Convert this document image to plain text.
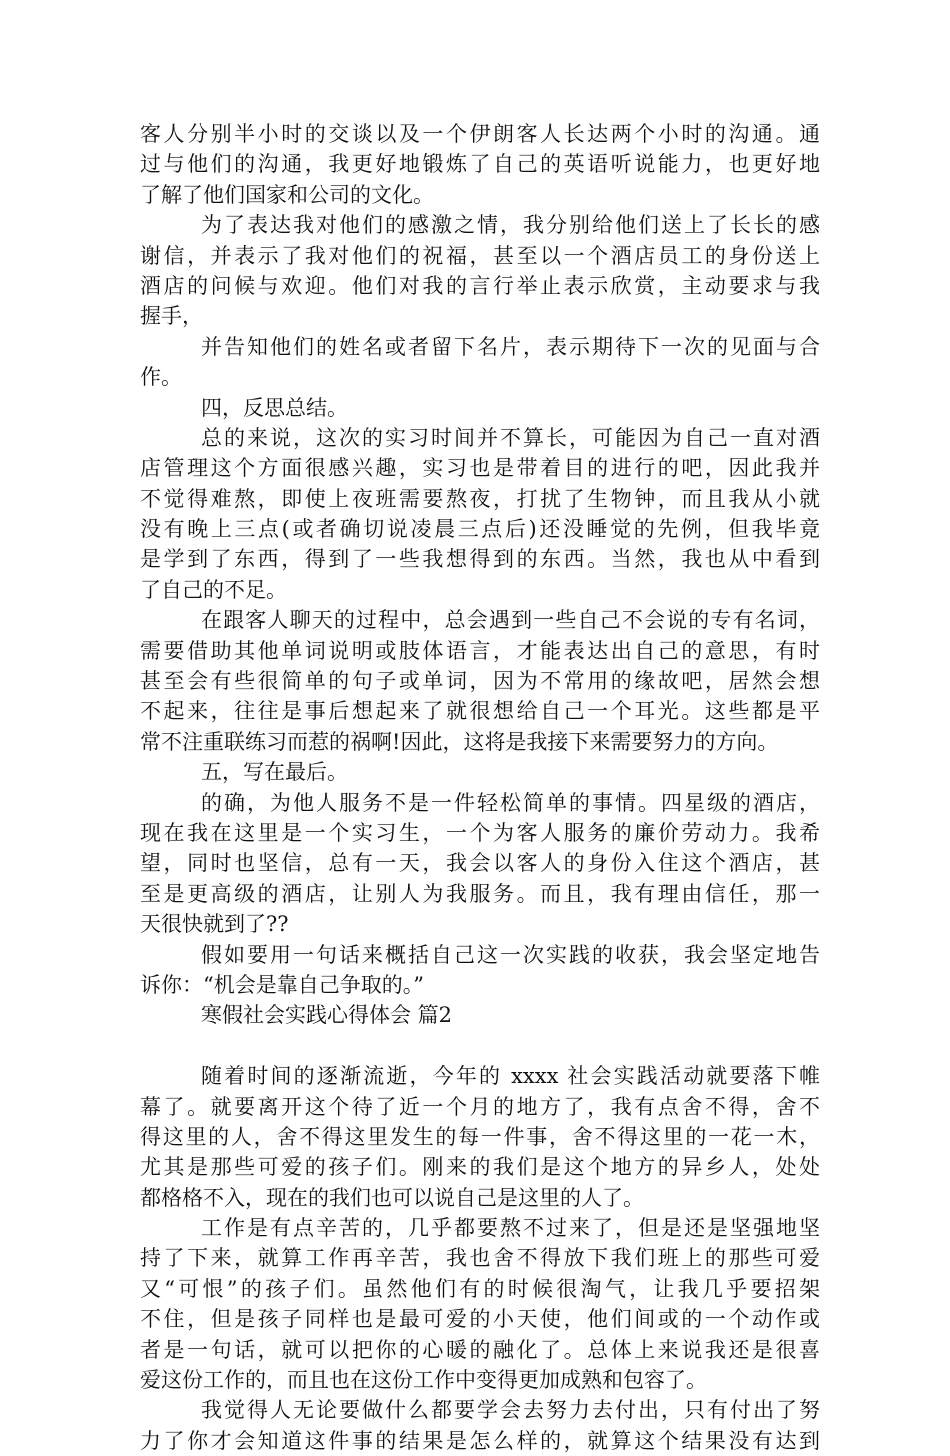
客人分别半小时的交谈以及一个伊朗客人长达两个小时的沟通。通
过与他们的沟通，我更好地锻炼了自己的英语听说能力，也更好地
了解了他们国家和公司的文化。
为了表达我对他们的感激之情，我分别给他们送上了长长的感
谢信，并表示了我对他们的祝福，甚至以一个酒店员工的身份送上
酒店的问候与欢迎。他们对我的言行举止表示欣赏，主动要求与我
握手，
并告知他们的姓名或者留下名片，表示期待下一次的见面与合
作。
四，反思总结。
总的来说，这次的实习时间并不算长，可能因为自己一直对酒
店管理这个方面很感兴趣，实习也是带着目的进行的吧，因此我并
不觉得难熬，即使上夜班需要熬夜，打扰了生物钟，而且我从小就
没有晚上三点(或者确切说凌晨三点后)还没睡觉的先例，但我毕竟
是学到了东西，得到了一些我想得到的东西。当然，我也从中看到
了自己的不足。
在跟客人聊天的过程中，总会遇到一些自己不会说的专有名词，
需要借助其他单词说明或肢体语言，才能表达出自己的意思，有时
甚至会有些很简单的句子或单词，因为不常用的缘故吧，居然会想
不起来，往往是事后想起来了就很想给自己一个耳光。这些都是平
常不注重联练习而惹的祸啊!因此，这将是我接下来需要努力的方向。
五，写在最后。
的确，为他人服务不是一件轻松简单的事情。四星级的酒店，
现在我在这里是一个实习生，一个为客人服务的廉价劳动力。我希
望，同时也坚信，总有一天，我会以客人的身份入住这个酒店，甚
至是更高级的酒店，让别人为我服务。而且，我有理由信任，那一
天很快就到了??
假如要用一句话来概括自己这一次实践的收获，我会坚定地告
诉你：“机会是靠自己争取的。”
寒假社会实践心得体会 篇2
随着时间的逐渐流逝，今年的 xxxx 社会实践活动就要落下帷
幕了。就要离开这个待了近一个月的地方了，我有点舍不得，舍不
得这里的人，舍不得这里发生的每一件事，舍不得这里的一花一木，
尤其是那些可爱的孩子们。刚来的我们是这个地方的异乡人，处处
都格格不入，现在的我们也可以说自己是这里的人了。
工作是有点辛苦的，几乎都要熬不过来了，但是还是坚强地坚
持了下来，就算工作再辛苦，我也舍不得放下我们班上的那些可爱
又“可恨”的孩子们。虽然他们有的时候很淘气，让我几乎要招架
不住，但是孩子同样也是最可爱的小天使，他们间或的一个动作或
者是一句话，就可以把你的心暖的融化了。总体上来说我还是很喜
爱这份工作的，而且也在这份工作中变得更加成熟和包容了。
我觉得人无论要做什么都要学会去努力去付出，只有付出了努
力了你才会知道这件事的结果是怎么样的，就算这个结果没有达到
